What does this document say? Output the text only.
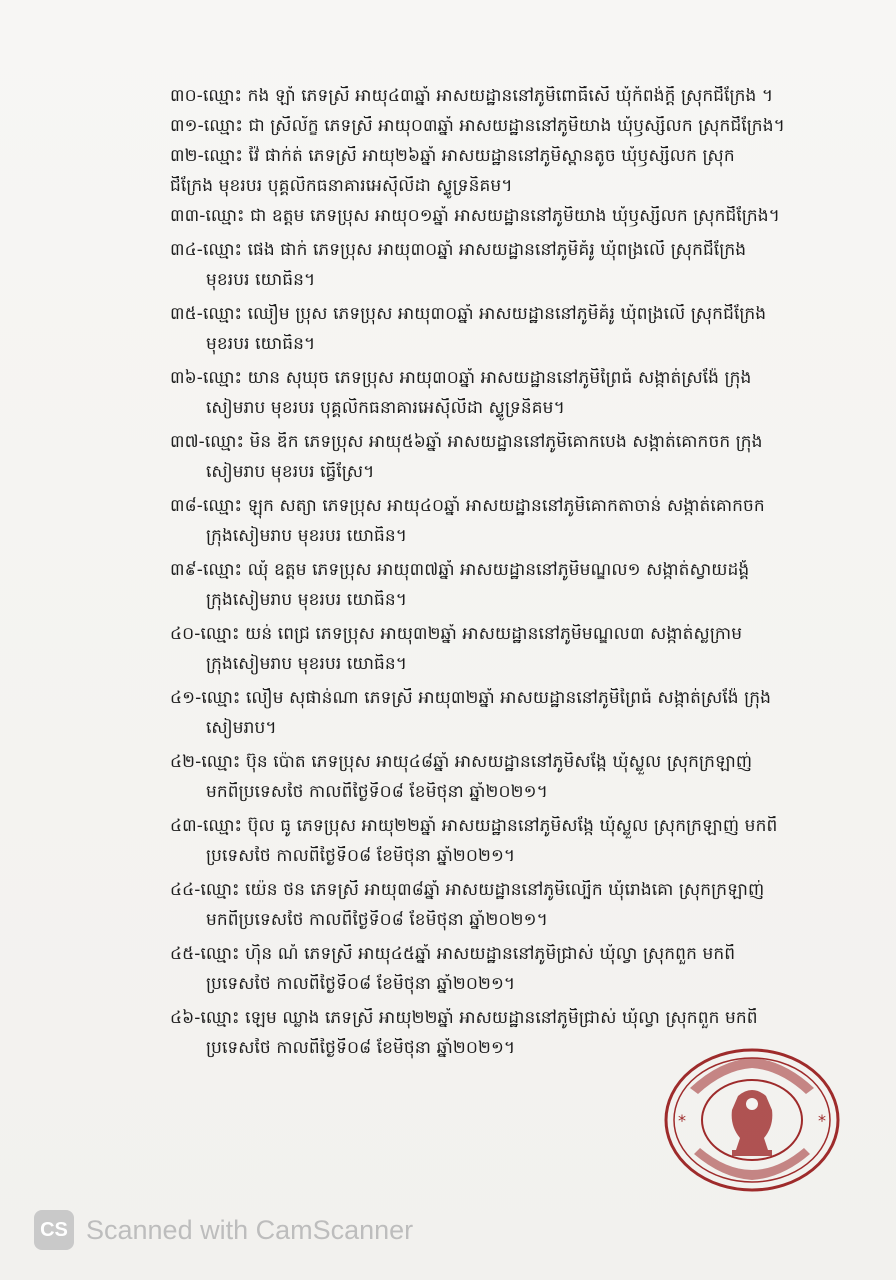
៣០-ឈ្មោះ កង ឡាំ ភេទស្រី អាយុ៤៣ឆ្នាំ អាសយដ្ឋាននៅភូមិពោធិ៍សើ ឃុំកំពង់ក្តី ស្រុកជីក្រែង ។
៣១-ឈ្មោះ ជា ស្រីល័ក្ខ ភេទស្រី អាយុ០៣ឆ្នាំ អាសយដ្ឋាននៅភូមិយាង ឃុំឫស្សីលក ស្រុកជីក្រែង។
៣២-ឈ្មោះ វ៉ៃ ផាក់ត់ ភេទស្រី អាយុ២៦ឆ្នាំ អាសយដ្ឋាននៅភូមិស្ពានតូច ឃុំឫស្សីលក ស្រុក
ជីក្រែង មុខរបរ បុគ្គលិកធនាគារអេស៊ីលីដា ស្ទូទ្រនិគម។
៣៣-ឈ្មោះ ជា ឧត្តម ភេទប្រុស អាយុ០១ឆ្នាំ អាសយដ្ឋាននៅភូមិយាង ឃុំឫស្សីលក ស្រុកជីក្រែង។
៣៤-ឈ្មោះ ផេង ផាក់ ភេទប្រុស អាយុ៣០ឆ្នាំ អាសយដ្ឋាននៅភូមិគំរូ ឃុំពង្រលើ ស្រុកជីក្រែង
មុខរបរ យោធិន។
៣៥-ឈ្មោះ ឈឿម ប្រុស ភេទប្រុស អាយុ៣០ឆ្នាំ អាសយដ្ឋាននៅភូមិគំរូ ឃុំពង្រលើ ស្រុកជីក្រែង
មុខរបរ យោធិន។
៣៦-ឈ្មោះ យាន សុឃុច ភេទប្រុស អាយុ៣០ឆ្នាំ អាសយដ្ឋាននៅភូមិព្រៃធំ សង្កាត់ស្រង៉ែ ក្រុង
សៀមរាប មុខរបរ បុគ្គលិកធនាគារអេស៊ីលីដា ស្ទូទ្រនិគម។
៣៧-ឈ្មោះ មិន ឌឹក ភេទប្រុស អាយុ៥៦ឆ្នាំ អាសយដ្ឋាននៅភូមិគោកបេង សង្កាត់គោកចក ក្រុង
សៀមរាប មុខរបរ ធ្វើស្រែ។
៣៨-ឈ្មោះ ឡុក សត្យា ភេទប្រុស អាយុ៤០ឆ្នាំ អាសយដ្ឋាននៅភូមិគោកតាចាន់ សង្កាត់គោកចក
ក្រុងសៀមរាប មុខរបរ យោធិន។
៣៩-ឈ្មោះ ឈុំ ឧត្តម ភេទប្រុស អាយុ៣៧ឆ្នាំ អាសយដ្ឋាននៅភូមិមណ្ឌល១ សង្កាត់ស្វាយដង្គំ
ក្រុងសៀមរាប មុខរបរ យោធិន។
៤០-ឈ្មោះ យន់ ពេជ្រ ភេទប្រុស អាយុ៣២ឆ្នាំ អាសយដ្ឋាននៅភូមិមណ្ឌល៣ សង្កាត់ស្លក្រាម
ក្រុងសៀមរាប មុខរបរ យោធិន។
៤១-ឈ្មោះ លឿម សុផាន់ណា ភេទស្រី អាយុ៣២ឆ្នាំ អាសយដ្ឋាននៅភូមិព្រៃធំ សង្កាត់ស្រង៉ែ ក្រុង
សៀមរាប។
៤២-ឈ្មោះ ប៊ុន ប៉ោត ភេទប្រុស អាយុ៤៨ឆ្នាំ អាសយដ្ឋាននៅភូមិសង្កែ ឃុំស្លួល ស្រុកក្រឡាញ់
មកពីប្រទេសថៃ កាលពីថ្ងៃទី០៨ ខែមិថុនា ឆ្នាំ២០២១។
៤៣-ឈ្មោះ ប៊ុល ធូ ភេទប្រុស អាយុ២២ឆ្នាំ អាសយដ្ឋាននៅភូមិសង្កែ ឃុំស្លួល ស្រុកក្រឡាញ់ មកពី
ប្រទេសថៃ កាលពីថ្ងៃទី០៨ ខែមិថុនា ឆ្នាំ២០២១។
៤៤-ឈ្មោះ យ៉េន ថន ភេទស្រី អាយុ៣៨ឆ្នាំ អាសយដ្ឋាននៅភូមិល្បើក ឃុំរោងគោ ស្រុកក្រឡាញ់
មកពីប្រទេសថៃ កាលពីថ្ងៃទី០៨ ខែមិថុនា ឆ្នាំ២០២១។
៤៥-ឈ្មោះ ហ៊ិន ណំ ភេទស្រី អាយុ៤៥ឆ្នាំ អាសយដ្ឋាននៅភូមិជ្រាស់ ឃុំល្វា ស្រុកពួក មកពី
ប្រទេសថៃ កាលពីថ្ងៃទី០៨ ខែមិថុនា ឆ្នាំ២០២១។
៤៦-ឈ្មោះ ឡេម ឈ្លាង ភេទស្រី អាយុ២២ឆ្នាំ អាសយដ្ឋាននៅភូមិជ្រាស់ ឃុំល្វា ស្រុកពួក មកពី
ប្រទេសថៃ កាលពីថ្ងៃទី០៨ ខែមិថុនា ឆ្នាំ២០២១។
*	*
CS Scanned with CamScanner
